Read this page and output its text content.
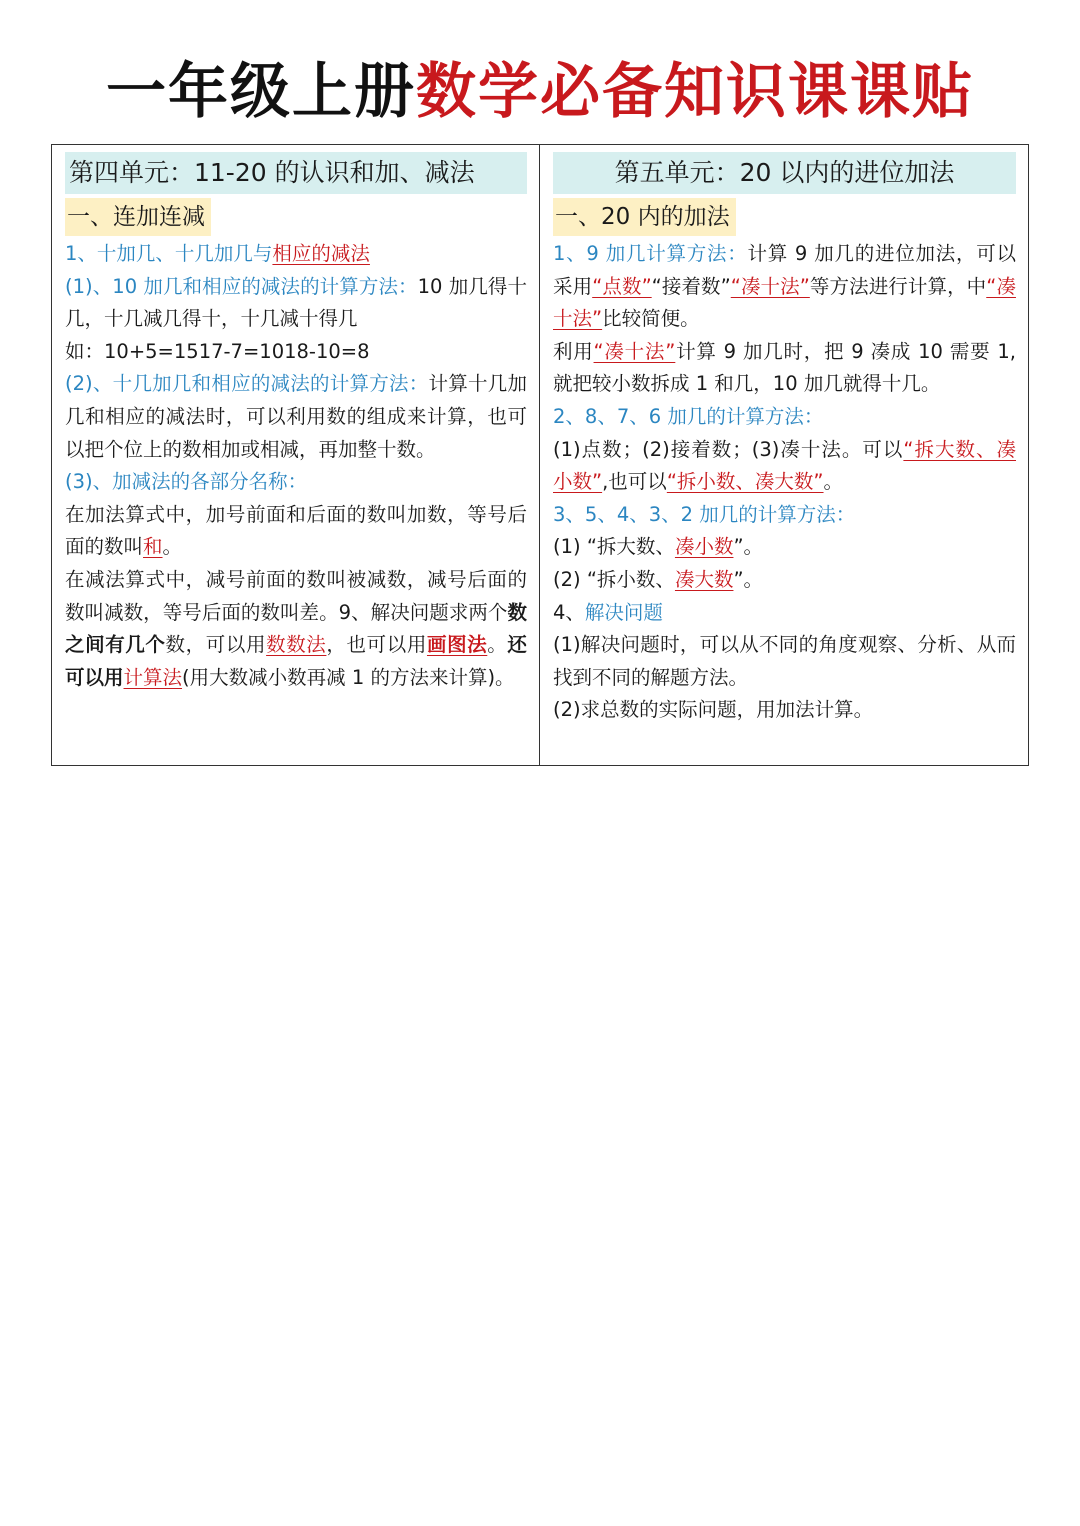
一年级上册数学必备知识课课贴
第四单元：11-20 的认识和加、减法
一、连加连减

1、十加几、十几加几与相应的减法

(1)、10 加几和相应的减法的计算方法：10 加几得十几，十几减几得十，十几减十得几

如：10+5=1517-7=1018-10=8

(2)、十几加几和相应的减法的计算方法：计算十几加几和相应的减法时，可以利用数的组成来计算，也可以把个位上的数相加或相减，再加整十数。

(3)、加减法的各部分名称：

在加法算式中，加号前面和后面的数叫加数，等号后面的数叫和。

在减法算式中，减号前面的数叫被减数，减号后面的数叫减数，等号后面的数叫差。9、解决问题求两个数之间有几个数，可以用数数法，也可以用画图法。还可以用计算法(用大数减小数再减 1 的方法来计算)。

第五单元：20 以内的进位加法
一、20 内的加法

1、9 加几计算方法：计算 9 加几的进位加法，可以采用“点数”“接着数”“凑十法”等方法进行计算，中“凑十法”比较简便。

利用“凑十法”计算 9 加几时，把 9 凑成 10 需要 1,就把较小数拆成 1 和几，10 加几就得十几。

2、8、7、6 加几的计算方法：

(1)点数；(2)接着数；(3)凑十法。可以“拆大数、凑小数”,也可以“拆小数、凑大数”。

3、5、4、3、2 加几的计算方法：

(1) “拆大数、凑小数”。

(2) “拆小数、凑大数”。

4、解决问题

(1)解决问题时，可以从不同的角度观察、分析、从而找到不同的解题方法。

(2)求总数的实际问题，用加法计算。
